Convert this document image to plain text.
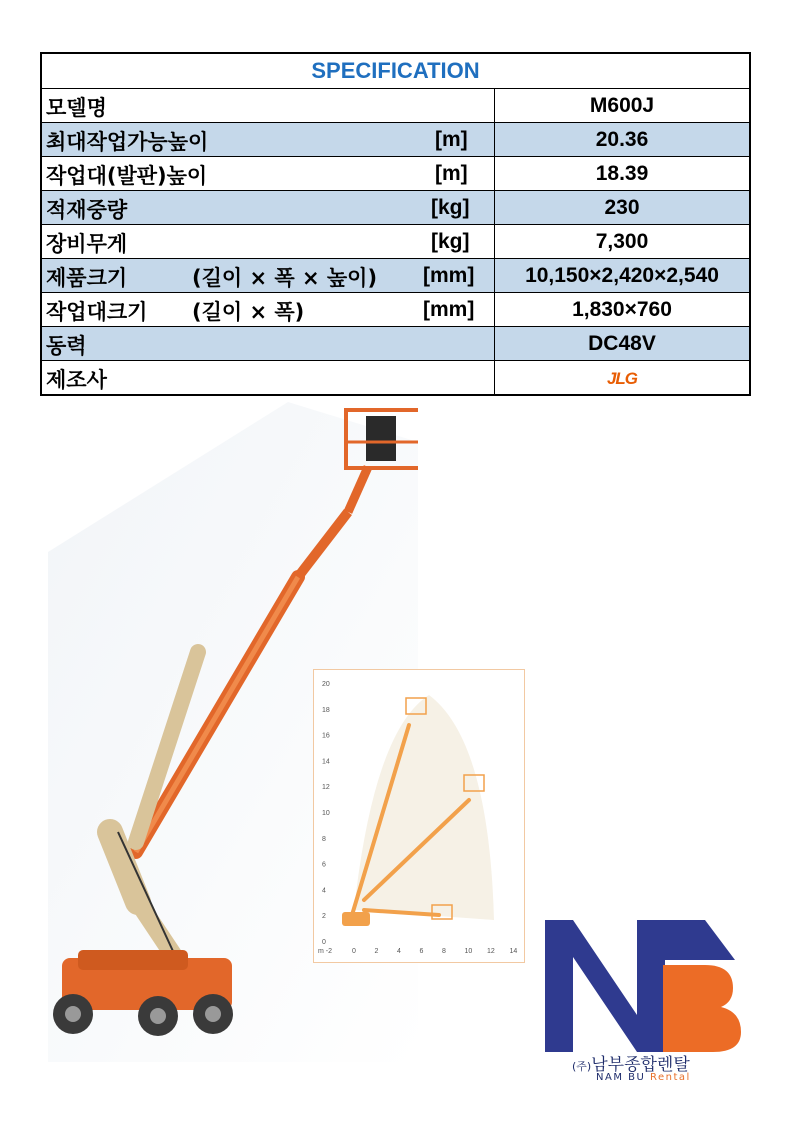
SPECIFICATION	

모델명	M600J

최대작업가능높이 [m]	20.36

작업대(발판)높이 [m]	18.39

적재중량 [kg]	230

장비무게 [kg]	7,300

제품크기 (길이 × 폭 × 높이) [mm]	10,150×2,420×2,540

작업대크기 (길이 × 폭) [mm]	1,830×760

동력	DC48V

제조사	JLG
20
18
16
14
12
10
8
6
4
2
0
m -2	0	2	4	6	8	10 12 14
(주)남부종합렌탈
NAM BU Rental
